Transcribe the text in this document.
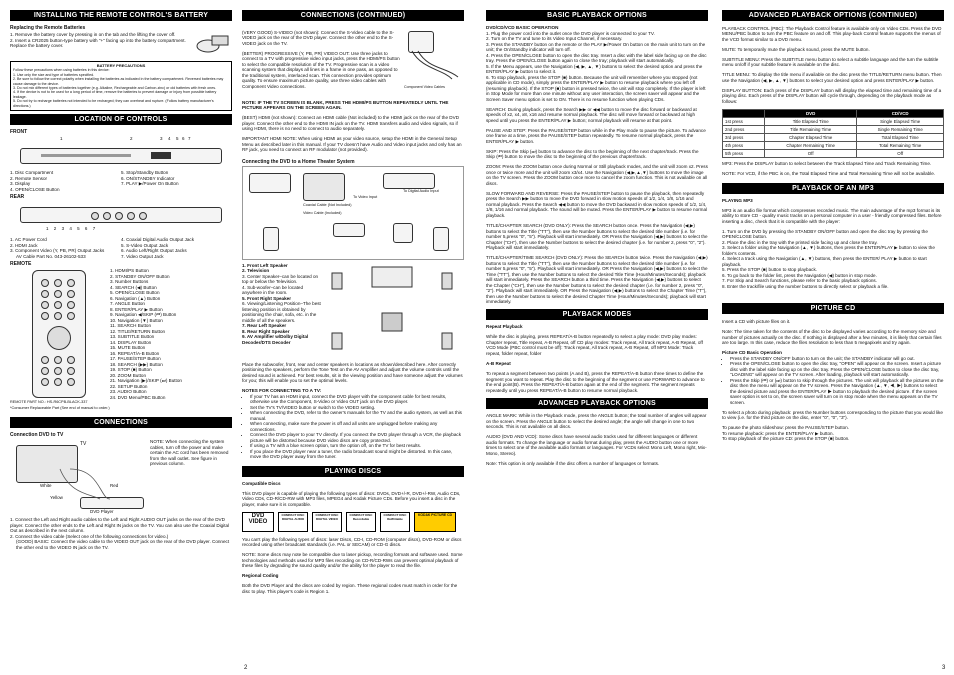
INSTALLING THE REMOTE CONTROL'S BATTERY
Replacing the Remote Batteries
1. Remove the battery cover by pressing in on the tab and the lifting the cover off.
2. Insert a CR2025 button-type battery with "+" facing up into the battery compartment. Replace the battery cover.
BATTERY PRECAUTIONS
Follow these precautions when using batteries in this device:
1. Use only the size and type of batteries specified.
2. Be sure to follow the correct polarity when installing the batteries as indicated in the battery compartment. Reversed batteries may cause damage to the device.
3. Do not mix different types of batteries together (e.g. Alkaline, Rechargeable and Carbon-zinc) or old batteries with fresh ones.
4. If the device is not to be used for a long period of time, remove the batteries to prevent damage or injury from possible battery leakage.
5. Do not try to recharge batteries not intended to be recharged; they can overheat and rupture. (Follow battery manufacturer's directions.)
LOCATION OF CONTROLS
FRONT
1	2	3 4 5 6 7
1. Disc Compartment
2. Remote Sensor
3. Display
4. OPEN/CLOSE Button
5. Stop/Standby Button
6. ON/STANDBY Indicator
7. PLAY ▶/Power On Button
REAR
1 2 3 4 5 6 7
1. AC Power Cord
2. HDMI Jack
3. Component Video (Y, PB, PR) Output Jacks
AV Cable Part No. 043-26102-533
4. Coaxial Digital Audio Output Jack
5. S-Video Output Jack
6. Audio Left/Right Output Jacks
7. Video Output Jack
REMOTE
1. HDMI/PS Button
2. STANDBY ON/OFF Button
3. Number Buttons
4. SEARCH (◀) Button
5. OPEN/CLOSE Button
6. Navigation (▲) Button
7. ANGLE Button
8. ENTER/PLAY ▶ Button
9. Navigation ◀/SKIP (⏮) Button
10. Navigation (▼) Button
11. SEARCH Button
12. TITLE/RETURN Button
13. SUBTITLE Button
14. DISPLAY Button
15. MUTE Button
16. REPEAT/A-B Button
17. PAUSE/STEP Button
18. SEARCH (▶▶) Button
19. STOP (■) Button
20. ZOOM Button
21. Navigation (▶)/SKIP (⏭) Button
22. SETUP Button
23. AUDIO Button
24. DVD Menu/PBC Button
REMOTE PART NO.: HS-R6CPB-BLACK-337
*Consumer Replaceable Part (See end of manual to order.)
CONNECTIONS
Connection DVD to TV
TV
White	Red
Yellow
DVD Player
NOTE: When connecting the system cables, turn off the power and make certain the AC cord has been removed from the wall outlet. See figure in previous column.
1. Connect the Left and Right audio cables to the Left and Right AUDIO OUT jacks on the rear of the DVD player. Connect the other ends to the Left and Right IN jacks on the TV. You can also use the Coaxial Digital Out as described in the next column.
2. Connect the video cable (Select one of the following connections for video.)
(GOOD) BASIC: Connect the video cable to the VIDEO OUT jack on the rear of the DVD player. Connect the other end to the VIDEO IN jack on the TV.
CONNECTIONS (CONTINUED)

(VERY GOOD) S-VIDEO (not shown): Connect the S-Video cable to the S-VIDEO jack on the rear of the DVD player. Connect the other end to the S-VIDEO jack on the TV.

(BETTER) PROGRESSIVE (Y, PB, PR) VIDEO OUT: Use three jacks to connect to a TV with progressive video input jacks, press the HDMI/PS button to select the compatible resolution of the TV. Progressive scan is a video scanning system that displays all lines in a frame in one pass, as opposed to the traditional system, interlaced scan. This connection provides optimum quality. To ensure maximum picture quality, use three video cables with Component Video connections.	Component Video Cables

NOTE: IF THE TV SCREEN IS BLANK, PRESS THE HDMI/PS BUTTON REPEATEDLY UNTIL THE PICTURE APPEARS ON THE SCREEN AGAIN.

(BEST) HDMI (not shown): Connect an HDMI cable (Not included) to the HDMI jack on the rear of the DVD player. Connect the other end to the HDMI IN jack on the TV. HDMI transfers audio and video signals, so if using HDMI, there is no need to connect to audio separately.

IMPORTANT HDMI NOTE: When using HDMI as your video source, setup the HDMI in the General Setup Menu as described later in this manual. If your TV doesn't have Audio and Video input jacks and only has an RF jack, you need to connect an RF modulator (not provided).

Connecting the DVD to a Home Theater System
Coaxial Cable (Not Included)
Video Cable (Included)
To Digital Audio Input
To Video Input
1. Front Left Speaker
2. Television
3. Center Speaker–can be located on top or below the Television.
4. Sub-woofer–can be located anywhere in the room.
5. Front Right Speaker
6. Viewing/Listening Position–The best listening position is obtained by positioning the chair, sofa, etc. in the middle of all the speakers.
7. Rear Left Speaker
8. Rear Right Speaker
9. AV Amplifier w/Dolby Digital Decoder/DTS Decoder

Place the subwoofer, front, rear and center speakers in locations as shown/described here. After correctly positioning the speakers, perform the Tone Test on the AV Amplifier and adjust the volume controls until the desired sound is achieved. For best results, sit in the viewing position and have someone adjust the volumes for you; this will enable you to set the optimal levels.

NOTES FOR CONNECTING TO A TV:
• If your TV has an HDMI input, connect the DVD player with the component cable for best results, otherwise use the Component, S-Video or Video OUT jack on the DVD player.
• Set the TV's TV/VIDEO button or switch to the VIDEO setting.
• When connecting the DVD, refer to the owner's manuals for the TV and the audio system, as well as this manual.
• When connecting, make sure the power is off and all units are unplugged before making any connections.
• Connect the DVD player to your TV directly. If you connect the DVD player through a VCR, the playback picture will be distorted because DVD video discs are copy protected.
• If using a TV with a blue screen option, turn the option off, on the TV for best results.
• If you place the DVD player near a tuner, the radio broadcast sound might be distorted. In this case, move the DVD player away from the tuner.
PLAYING DISCS
Compatible Discs

This DVD player is capable of playing the following types of discs: DVDs, DVD+/-R, DVD+/-RW, Audio CDs, Video CDs, CD-R/CD-RW with MP3 files, MPEG4 and Kodak Picture CDs. Before you insert a disc in the player, make sure it is compatible.

DVD VIDEO
COMPACT DISC DIGITAL AUDIO
COMPACT DISC DIGITAL VIDEO
COMPACT DISC Recordable
COMPACT DISC ReWritable
KODAK PICTURE CD

You can't play the following types of discs: laser Discs, CD-I, CD-ROM (computer discs), DVD-ROM or discs recorded using other broadcast standards (i.e. PAL or SECAM) or CD-G discs.

NOTE: Some discs may note be compatible due to laser pickup, recording formats and software used. Some technologies and methods used for MP3 files recording on CD-R/CD-RWs can prevent optimal playback of these files by degrading the sound quality and/or the ability for the player to read the file.

Regional Coding

Both the DVD Player and the discs are coded by region. These regional codes must match in order for the disc to play. This player's code is Region 1.

BASIC PLAYBACK OPTIONS
DVD/CD/VCD BASIC OPERATION
1. Plug the power cord into the outlet once the DVD player is connected to your TV.
2. Turn on the TV and tune to its Video Input Channel, if necessary.
3. Press the STANDBY button on the remote or the PLAY ▶/Power On button on the main unit to turn on the unit; the On/Standby indicator will turn off.
4. Press the OPEN/CLOSE button to open the disc tray. Insert a disc with the label side facing up on the disc tray. Press the OPEN/CLOSE button again to close the tray; playback will start automatically.
5. If the Menu appears, use the Navigation (◀, ▶, ▲, ▼) buttons to select the desired option and press the ENTER/PLAY ▶ button to select it.
6. To stop playback, press the STOP (■) button. Because the unit will remember where you stopped (not applicable in CD mode), simply press the ENTER/PLAY ▶ button to resume playback where you left off (resuming playback). If the STOP (■) button is pressed twice, the unit will stop completely. If the player is left in Stop Mode for more than one minute without any user interaction, the screen saver will appear and the Screen Saver menu option is set to ON. There is no resume function when playing CDs.

SEARCH: During playback, press the Search ▶▶ or ◀◀ button to move the disc forward or backward at speeds of x2, x4, x8, x16 and resume normal playback. The disc will move forward or backward at high speed until you press the ENTER/PLAY ▶ button; normal playback will resume at that point.

PAUSE AND STEP: Press the PAUSE/STEP button while in the Play mode to pause the picture. To advance one frame at a time, press the PAUSE/STEP button repeatedly. To resume normal playback, press the ENTER/PLAY ▶ button.

SKIP: Press the Skip (⏭) button to advance the disc to the beginning of the next chapter/track. Press the Skip (⏮) button to move the disc to the beginning of the previous chapter/track.

ZOOM: Press the ZOOM button once during Normal or Still playback modes, and the unit will zoom x2. Press once or twice more and the unit will zoom x3/x4. Use the Navigation (◀,▶,▲,▼) buttons to move the image on the TV screen. Press the ZOOM button once more to cancel the zoom function. This is not available on all discs.

SLOW FORWARD AND REVERSE: Press the PAUSE/STEP button to pause the playback, then repeatedly press the Search ▶▶ button to move the DVD forward in slow motion speeds of 1/2, 1/4, 1/8, 1/16 and normal playback. Press the Search ◀◀ button to move the DVD backward in slow motion speeds of 1/2, 1/4, 1/8, 1/16 and normal playback. The sound will be muted. Press the ENTER/PLAY ▶ button to resume normal playback.

TITLE/CHAPTER SEARCH (DVD ONLY): Press the SEARCH button once. Press the Navigation (◀,▶) buttons to select the Title ("TT"), then use the Number buttons to select the desired title number (i.e. for number 5,press "0", "5"). Playback will start immediately. OR Press the Navigation (◀,▶) buttons to select the Chapter ("CH"), then use the Number buttons to select the desired chapter (i.e. for number 2, press "0", "2"). Playback will start immediately.

TITLE/CHAPTER/TIME SEARCH (DVD ONLY): Press the SEARCH button twice. Press the Navigation (◀,▶) buttons to select the Title ("TT"), then use the Number buttons to select the desired title number (i.e. for number 5,press "0", "5"). Playback will start immediately. OR Press the Navigation (◀,▶) buttons to select the Time ("TT"), then use the Number buttons to select the desired Title Time (Hour/Minutes/Seconds); playback will start immediately. Press the SEARCH button a third time. Press the Navigation (◀,▶) buttons to select the Chapter ("CH"), then use the Number buttons to select the desired chapter (i.e. for number 2, press "0", "2"). Playback will start immediately. OR Press the Navigation (◀,▶) buttons to select the Chapter Time ("T"), then use the Number buttons to select the desired Chapter Time (Hour/Minutes/Seconds); playback will start immediately.

PLAYBACK MODES
Repeat Playback

While the disc is playing, press REPEAT/A-B button repeatedly to select a play mode: DVD play modes: Chapter repeat, Title repeat, A-B Repeat, off CD play modes: Track repeat, All track repeat, A-B Repeat, off VCD Mode (PBC control must be off): Track repeat, All track repeat, A-B Repeat, off MP3 Mode: Track repeat, folder repeat, folder

A-B Repeat

To repeat a segment between two points (A and B), press the REPEAT/A-B button three times to define the segment you want to repeat. Play the disc to the beginning of the segment or use FORWARD to advance to the end point(B). Press the REPEAT/A-B button again at the end of the segment. The segment repeats repeatedly until you press REPEAT/A-B button to resume normal playback.

ADVANCED PLAYBACK OPTIONS

ANGLE MARK: While in the Playback mode, press the ANGLE button; the total number of angles will appear on the screen. Press the ANGLE button to select the desired angle; the angle will change in one to two seconds. This is not available on all discs.

AUDIO (DVD AND VCD): Some discs have several audio tracks used for different languages or different audio formats. To change the language or audio format during play, press the AUDIO button one or more times to select one of the available audio formats or languages. For VCDs select Mono Left, Mono right, Mix-Mono, Stereo).

Note: This option is only available if the disc offers a number of languages or formats.

ADVANCED PLAYBACK OPTIONS (CONTINUED)

PLAYBACK CONTROL (PBC): The Playback Control feature is available only on Video CDs. Press the DVD MENU/PBC button to turn the PBC feature on and off. This play-back Control feature supports the menus of the VCD format similar to a DVD menu.

MUTE: To temporarily mute the playback sound, press the MUTE button.

SUBTITLE MENU: Press the SUBTITLE menu button to select a subtitle language and the turn the subtitle menu on/off if your subtitle feature is available on the disc.

TITLE MENU: To display the title menu if available on the disc press the TITLE/RETURN menu button. Then use the Navigation (◀, ▶, ▲, ▼) buttons to select your desired option and press ENTER/PLAY ▶ button.

DISPLAY BUTTON: Each press of the DISPLAY button will display the elapsed time and remaining time of a playing disc. Each press of the DISPLAY button will cycle through, depending on the playback mode as follows:

	DVD	CD/VCD
1st press	Title Elapsed Time	Single Elapsed Time
2nd press	Title Remaining Time	Single Remaining Time
3rd press	Chapter Elapsed Time	Total Elapsed Time
4th press	Chapter Remaining Time	Total Remaining Time
5th press	Off	Off

MP3: Press the DISPLAY button to select between the Track Elapsed Time and Track Remaining Time.

NOTE: For VCD, if the PBC is on, the Total Elapsed Time and Total Remaining Time will not be available.

PLAYBACK OF AN MP3
PLAYING MP3

MP3 is an audio file format which compresses recorded music. The main advantage of the mp3 format is its ability to store CD - quality music tracks on a personal computer in a user - friendly compressed files. Before inserting a disc, check that it is compatible with the player:

1. Turn on the DVD by pressing the STANDBY ON/OFF button and open the disc tray by pressing the OPEN/CLOSE button.
2. Place the disc in the tray with the printed side facing up and close the tray.
3. Select a folder using the Navigation (▲, ▼) buttons, then press the ENTER/PLAY ▶ button to view the folder's contents.
4. Select a track using the Navigation (▲, ▼) buttons, then press the ENTER/ PLAY ▶ button to start playback.
5. Press the STOP (■) button to stop playback.
6. To go back to the folder list, press the Navigation (◀) button in stop mode.
7. For Skip and Search functions, please refer to the basic playback options.
8. Enter the track/file using the number buttons to directly select or playback a file.
PICTURE CD

Insert a CD with picture files on it.

Note: The time taken for the contents of the disc to be displayed varies according to the memory size and number of pictures actually on the disc. If nothing is displayed after a few minutes, it is likely that certain files are too large. In this case, reduce the files resolution to less than 5 megapixels and try again.

Picture CD Basic Operation
• Press the STANDBY ON/OFF button to turn on the unit; the STANDBY indicator will go out.
• Press the OPEN/CLOSE button to open the disc tray, "OPEN" will appear on the screen. Insert a picture disc with the label side facing up on the disc tray. Press the OPEN/CLOSE button to close the disc tray, "LOADING" will appear on the TV screen. After loading, playback will start automatically.
• Press the Skip (⏮) or (⏭) button to skip through the pictures. The unit will playback all the pictures on the disc then the menu will appear on the TV screen. Press the Navigation (▲, ▼, ◀, ▶) buttons to select the desired picture and press the ENTER/PLAY ▶ button to playback the desired picture. If the screen saver option is set to on, the screen saver will turn on in stop mode when the menu appears on the TV screen.

To select a photo during playback: press the Number buttons corresponding to the picture that you would like to view (i.e. for the third picture on the disc, enter "0", "0", "3").

To pause the photo slideshow: press the PAUSE/STEP button.
To resume playback: press the ENTER/PLAY ▶ button.
To stop playback of the picture CD: press the STOP (■) button.
2	3
